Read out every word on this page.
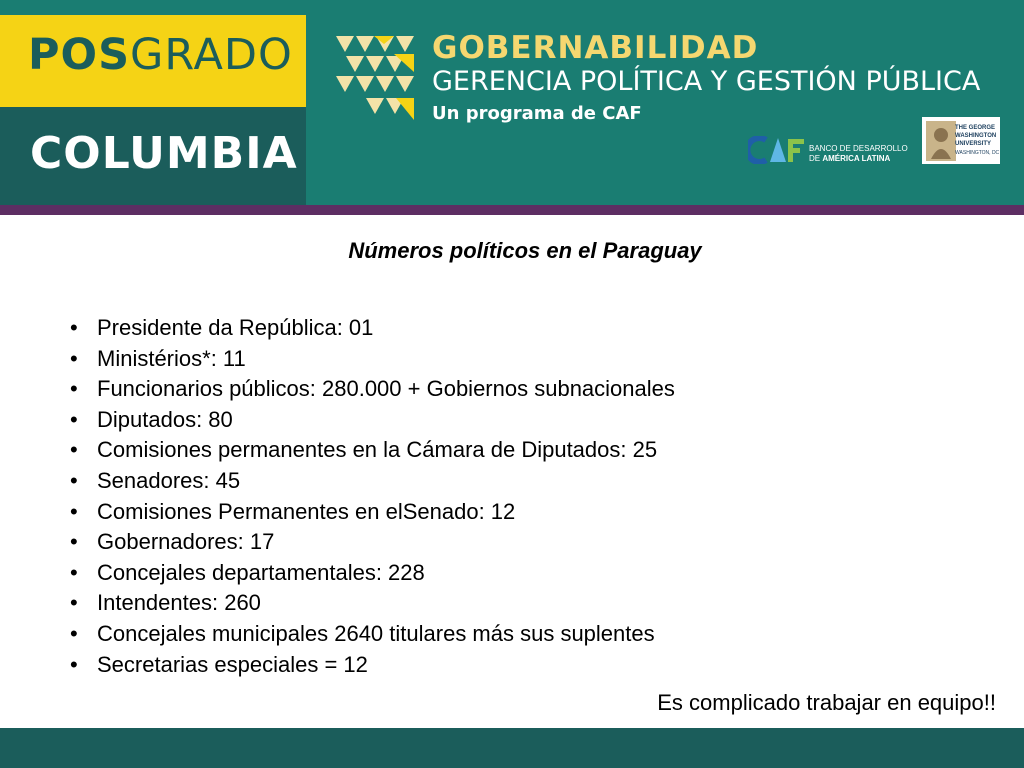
POSGRADO
COLUMBIA
GOBERNABILIDAD
GERENCIA POLÍTICA Y GESTIÓN PÚBLICA
Un programa de CAF
BANCO DE DESARROLLO
DE AMÉRICA LATINA
THE GEORGE
WASHINGTON
UNIVERSITY
WASHINGTON, DC
Números políticos en el Paraguay
• Presidente da República: 01
• Ministérios*: 11
• Funcionarios públicos: 280.000 + Gobiernos subnacionales
• Diputados: 80
• Comisiones permanentes en la Cámara de Diputados: 25
• Senadores: 45
• Comisiones Permanentes en elSenado: 12
• Gobernadores: 17
• Concejales departamentales: 228
• Intendentes: 260
• Concejales municipales 2640 titulares más sus suplentes
• Secretarias especiales = 12
Es complicado trabajar en equipo!!
